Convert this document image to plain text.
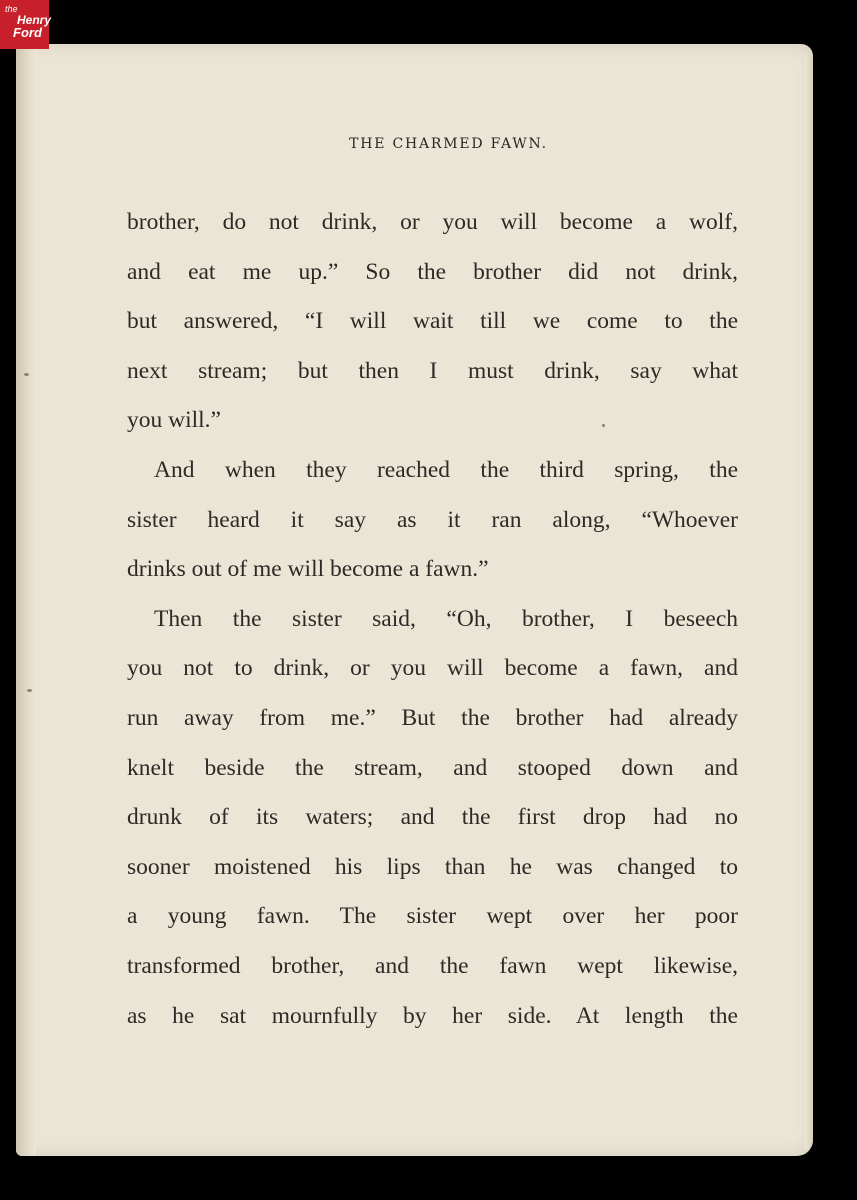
the
Henry
Ford
THE CHARMED FAWN.
brother, do not drink, or you will become a wolf,
and eat me up.” So the brother did not drink,
but answered, “I will wait till we come to the
next stream; but then I must drink, say what
you will.”
And when they reached the third spring, the
sister heard it say as it ran along, “Whoever
drinks out of me will become a fawn.”
Then the sister said, “Oh, brother, I beseech
you not to drink, or you will become a fawn, and
run away from me.” But the brother had already
knelt beside the stream, and stooped down and
drunk of its waters; and the first drop had no
sooner moistened his lips than he was changed to
a young fawn. The sister wept over her poor
transformed brother, and the fawn wept likewise,
as he sat mournfully by her side. At length the
